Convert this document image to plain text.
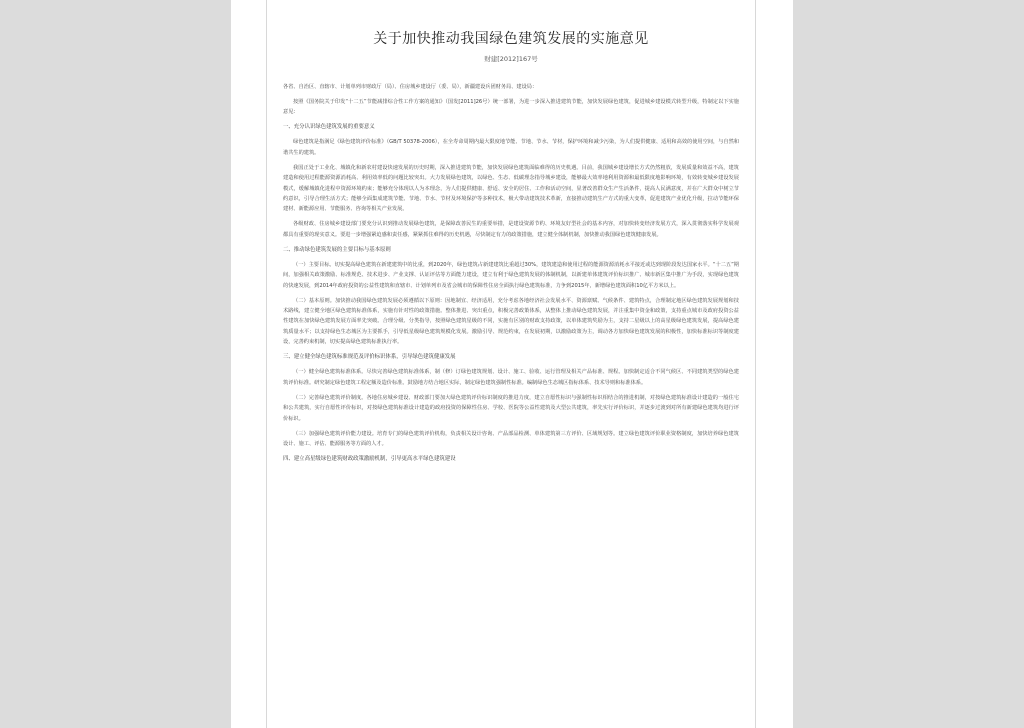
关于加快推动我国绿色建筑发展的实施意见
财建[2012]167号
各省、自治区、直辖市、计划单列市财政厅（局）、住房城乡建设厅（委、局），新疆建设兵团财务局、建设局：
按照《国务院关于印发“十二五”节能减排综合性工作方案的通知》（国发[2011]26号）统一部署，为进一步深入推进建筑节能，加快发展绿色建筑，促进城乡建设模式转型升级，特制定以下实施意见：
一、充分认识绿色建筑发展的重要意义
绿色建筑是指满足《绿色建筑评价标准》（GB/T 50378-2006），在全寿命周期内最大限度地节能、节地、节水、节材，保护环境和减少污染，为人们提供健康、适用和高效的使用空间，与自然和谐共生的建筑。
我国正处于工业化、城镇化和新农村建设快速发展的历史时期，深入推进建筑节能，加快发展绿色建筑面临难得的历史机遇。目前，我国城乡建设增长方式仍然粗放，发展质量和效益不高，建筑建造和使用过程能源资源消耗高、利用效率低的问题比较突出。大力发展绿色建筑，以绿色、生态、低碳理念指导城乡建设，能够最大效率地利用资源和最低限度地影响环境，有效转变城乡建设发展模式，缓解城镇化进程中资源环境约束；能够充分体现以人为本理念，为人们提供健康、舒适、安全的居住、工作和活动空间，显著改善群众生产生活条件，提高人民满意度，并在广大群众中树立节约意识，引导合理生活方式；能够全面集成建筑节能、节地、节水、节材及环境保护等多种技术，极大带动建筑技术革新，直接推动建筑生产方式的重大变革，促进建筑产业优化升级，拉动节能环保建材、新能源应用、节能服务、咨询等相关产业发展。
各级财政、住房城乡建设部门要充分认识到推动发展绿色建筑，是保障改善民生的重要举措，是建设资源节约、环境友好型社会的基本内容，对加快转变经济发展方式，深入贯彻落实科学发展观都具有重要的现实意义。要进一步增强紧迫感和责任感，紧紧抓住难得的历史机遇，尽快制定有力的政策措施，建立健全体制机制，加快推动我国绿色建筑健康发展。
二、推动绿色建筑发展的主要目标与基本原则
（一）主要目标。切实提高绿色建筑在新建建筑中的比重，到2020年，绿色建筑占新建建筑比重超过30%，建筑建造和使用过程的能源资源消耗水平接近或达到现阶段发达国家水平。“十二五”期间，加强相关政策激励、标准规范、技术进步、产业支撑、认证评估等方面能力建设，建立有利于绿色建筑发展的体制机制，以新建单体建筑评价标识推广、城市新区集中推广为手段，实现绿色建筑的快速发展，到2014年政府投资的公益性建筑和直辖市、计划单列市及省会城市的保障性住房全面执行绿色建筑标准，力争到2015年，新增绿色建筑面积10亿平方米以上。
（二）基本原则。加快推动我国绿色建筑发展必须遵循以下原则：因地制宜、经济适用，充分考虑各地经济社会发展水平、资源禀赋、气候条件、建筑特点，合理制定地区绿色建筑发展规划和技术路线，建立健全地区绿色建筑标准体系，实施有针对性的政策措施。整体推进、突出重点，积极完善政策体系，从整体上推动绿色建筑发展，并注重集中资金和政策，支持重点城市及政府投资公益性建筑在加快绿色建筑发展方面率先突破。合理分级、分类指导，按照绿色建筑星级的不同，实施有区别的财政支持政策，以单体建筑奖励为主，支持二星级以上的高星级绿色建筑发展，提高绿色建筑质量水平；以支持绿色生态城区为主要抓手，引导低星级绿色建筑规模化发展。激励引导、规范约束，在发展初期，以激励政策为主，调动各方加快绿色建筑发展的积极性，加快标准标识等制度建设，完善约束机制，切实提高绿色建筑标准执行率。
三、建立健全绿色建筑标准规范及评价标识体系，引导绿色建筑健康发展
（一）健全绿色建筑标准体系。尽快完善绿色建筑标准体系，制（修）订绿色建筑规划、设计、施工、验收、运行管理及相关产品标准、规程。加快制定适合不同气候区、不同建筑类型的绿色建筑评价标准。研究制定绿色建筑工程定额及造价标准。鼓励地方结合地区实际，制定绿色建筑强制性标准。编制绿色生态城区指标体系、技术导则和标准体系。
（二）完善绿色建筑评价制度。各地住房城乡建设、财政部门要加大绿色建筑评价标识制度的推进力度，建立自愿性标识与强制性标识相结合的推进机制，对按绿色建筑标准设计建造的一般住宅和公共建筑，实行自愿性评价标识，对按绿色建筑标准设计建造的政府投资的保障性住房、学校、医院等公益性建筑及大型公共建筑，率先实行评价标识，并逐步过渡到对所有新建绿色建筑均进行评价标识。
（三）加强绿色建筑评价能力建设。培育专门的绿色建筑评价机构，负责相关设计咨询、产品部品检测、单体建筑第三方评价、区域规划等。建立绿色建筑评价职业资格制度，加快培养绿色建筑设计、施工、评估、能源服务等方面的人才。
四、建立高星级绿色建筑财政政策激励机制，引导更高水平绿色建筑建设
